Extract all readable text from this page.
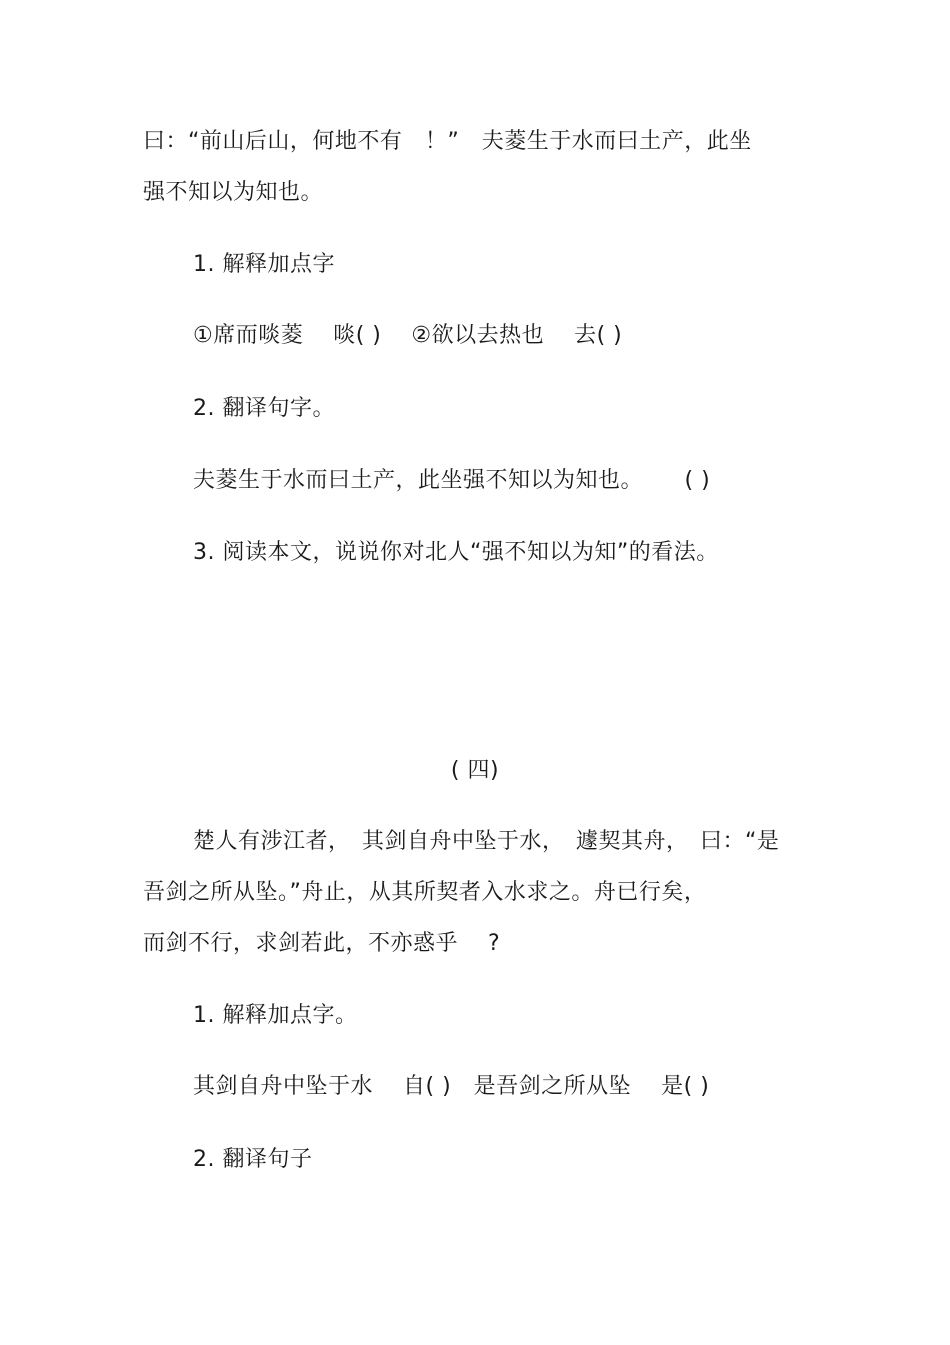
曰：“前山后山，何地不有　！”　夫菱生于水而曰土产，此坐
强不知以为知也。
1. 解释加点字
①席而啖菱　 啖( )　 ②欲以去热也　 去( )
2. 翻译句字。
夫菱生于水而曰土产，此坐强不知以为知也。　　 ( )
3. 阅读本文，说说你对北人“强不知以为知”的看法。
( 四)
楚人有涉江者，　其剑自舟中坠于水，　遽契其舟，　曰：“是
吾剑之所从坠。”舟止，从其所契者入水求之。舟已行矣，
而剑不行，求剑若此，不亦惑乎　 ?
1. 解释加点字。
其剑自舟中坠于水　 自( )　是吾剑之所从坠　 是( )
2. 翻译句子
